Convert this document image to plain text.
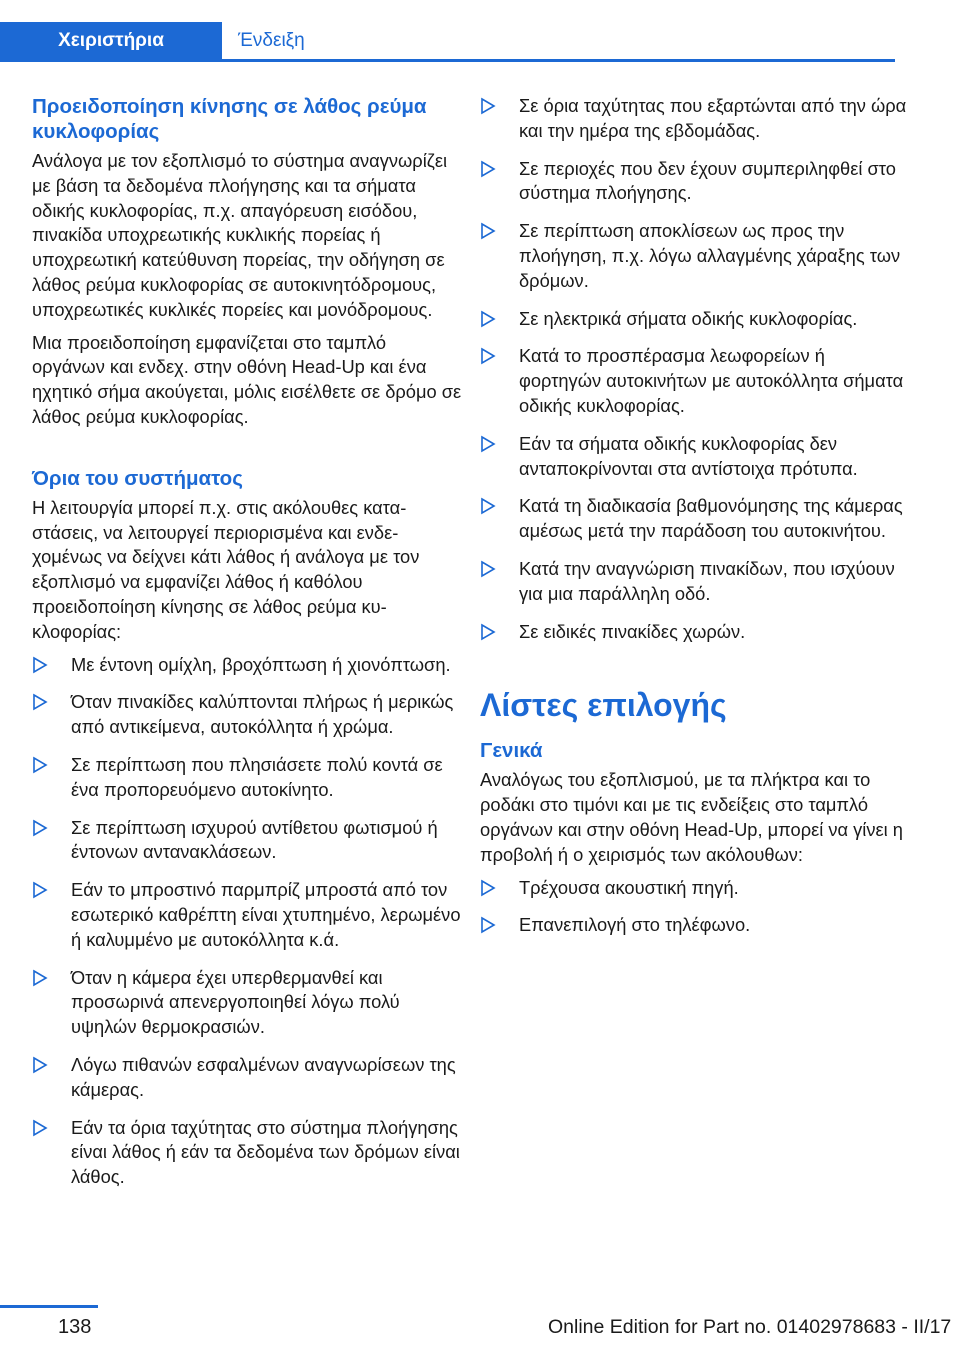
Χειριστήρια	Ένδειξη
Προειδοποίηση κίνησης σε λάθος ρεύμα κυκλοφορίας

Ανάλογα με τον εξοπλισμό το σύστημα αναγνωρίζει με βάση τα δεδομένα πλοήγησης και τα σήματα οδικής κυκλοφορίας, π.χ. απαγόρευση εισόδου, πινακίδα υποχρεωτικής κυκλικής πορείας ή υποχρεωτική κατεύθυνση πορείας, την οδήγηση σε λάθος ρεύμα κυκλοφορίας σε αυτοκινητόδρομους, υποχρεωτικές κυκλικές πορείες και μονόδρομους.

Μια προειδοποίηση εμφανίζεται στο ταμπλό οργάνων και ενδεχ. στην οθόνη Head-Up και ένα ηχητικό σήμα ακούγεται, μόλις εισέλθετε σε δρόμο σε λάθος ρεύμα κυκλοφορίας.

Όρια του συστήματος

Η λειτουργία μπορεί π.χ. στις ακόλουθες καταστάσεις, να λειτουργεί περιορισμένα και ενδεχομένως να δείχνει κάτι λάθος ή ανάλογα με τον εξοπλισμό να εμφανίζει λάθος ή καθόλου προειδοποίηση κίνησης σε λάθος ρεύμα κυκλοφορίας:

Με έντονη ομίχλη, βροχόπτωση ή χιονόπτωση.
Όταν πινακίδες καλύπτονται πλήρως ή μερικώς από αντικείμενα, αυτοκόλλητα ή χρώμα.
Σε περίπτωση που πλησιάσετε πολύ κοντά σε ένα προπορευόμενο αυτοκίνητο.
Σε περίπτωση ισχυρού αντίθετου φωτισμού ή έντονων αντανακλάσεων.
Εάν το μπροστινό παρμπρίζ μπροστά από τον εσωτερικό καθρέπτη είναι χτυπημένο, λερωμένο ή καλυμμένο με αυτοκόλλητα κ.ά.
Όταν η κάμερα έχει υπερθερμανθεί και προσωρινά απενεργοποιηθεί λόγω πολύ υψηλών θερμοκρασιών.
Λόγω πιθανών εσφαλμένων αναγνωρίσεων της κάμερας.
Εάν τα όρια ταχύτητας στο σύστημα πλοήγησης είναι λάθος ή εάν τα δεδομένα των δρόμων είναι λάθος.
Σε όρια ταχύτητας που εξαρτώνται από την ώρα και την ημέρα της εβδομάδας.
Σε περιοχές που δεν έχουν συμπεριληφθεί στο σύστημα πλοήγησης.
Σε περίπτωση αποκλίσεων ως προς την πλοήγηση, π.χ. λόγω αλλαγμένης χάραξης των δρόμων.
Σε ηλεκτρικά σήματα οδικής κυκλοφορίας.
Κατά το προσπέρασμα λεωφορείων ή φορτηγών αυτοκινήτων με αυτοκόλλητα σήματα οδικής κυκλοφορίας.
Εάν τα σήματα οδικής κυκλοφορίας δεν ανταποκρίνονται στα αντίστοιχα πρότυπα.
Κατά τη διαδικασία βαθμονόμησης της κάμερας αμέσως μετά την παράδοση του αυτοκινήτου.
Κατά την αναγνώριση πινακίδων, που ισχύουν για μια παράλληλη οδό.
Σε ειδικές πινακίδες χωρών.
Λίστες επιλογής
Γενικά

Αναλόγως του εξοπλισμού, με τα πλήκτρα και το ροδάκι στο τιμόνι και με τις ενδείξεις στο ταμπλό οργάνων και στην οθόνη Head-Up, μπορεί να γίνει η προβολή ή ο χειρισμός των ακόλουθων:

Τρέχουσα ακουστική πηγή.
Επανεπιλογή στο τηλέφωνο.
138	Online Edition for Part no. 01402978683 - II/17
